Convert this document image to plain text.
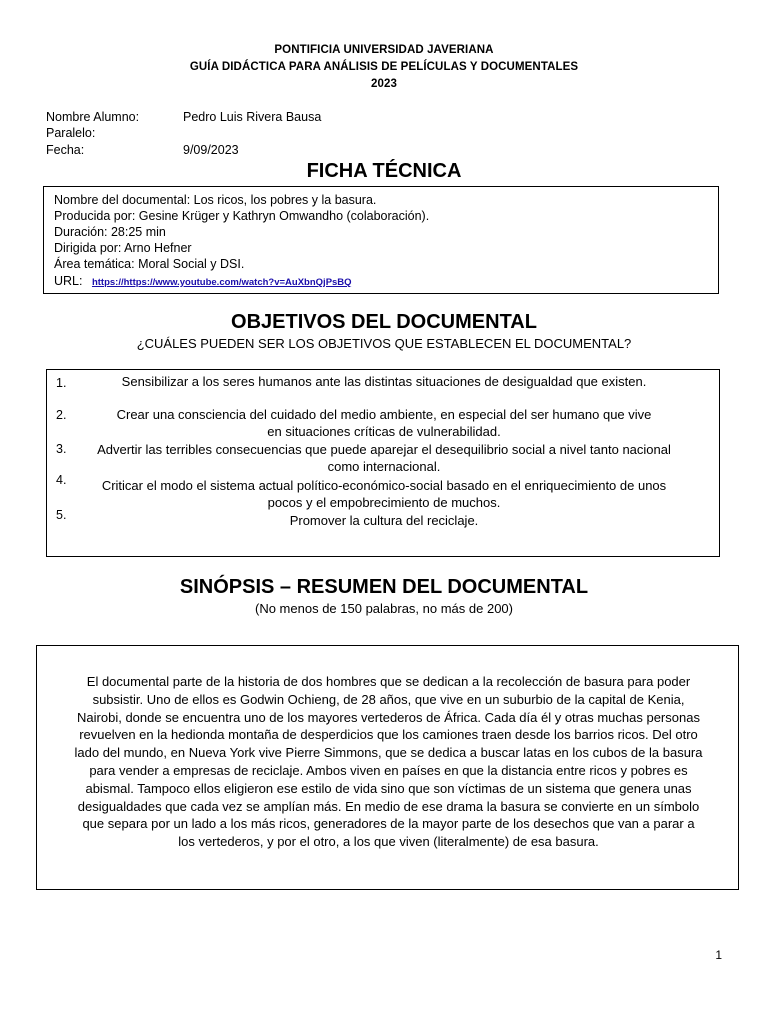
PONTIFICIA UNIVERSIDAD JAVERIANA
GUÍA DIDÁCTICA PARA ANÁLISIS DE PELÍCULAS Y DOCUMENTALES
2023
Nombre Alumno:	Pedro Luis Rivera Bausa
Paralelo:
Fecha:	9/09/2023
FICHA TÉCNICA
Nombre del documental: Los ricos, los pobres y la basura.
Producida por: Gesine Krüger y Kathryn Omwandho (colaboración).
Duración: 28:25 min
Dirigida por: Arno Hefner
Área temática: Moral Social y DSI.
URL: https://https://www.youtube.com/watch?v=AuXbnQjPsBQ
OBJETIVOS DEL DOCUMENTAL
¿CUÁLES PUEDEN SER LOS OBJETIVOS QUE ESTABLECEN EL DOCUMENTAL?
1.
2.
3.
4.
5.
Sensibilizar a los seres humanos ante las distintas situaciones de desigualdad que existen.
Crear una consciencia del cuidado del medio ambiente, en especial del ser humano que vive
en situaciones críticas de vulnerabilidad.
Advertir las terribles consecuencias que puede aparejar el desequilibrio social a nivel tanto nacional
como internacional.
Criticar el modo el sistema actual político-económico-social basado en el enriquecimiento de unos
pocos y el empobrecimiento de muchos.
Promover la cultura del reciclaje.
SINÓPSIS – RESUMEN DEL DOCUMENTAL
(No menos de 150 palabras, no más de 200)
El documental parte de la historia de dos hombres que se dedican a la recolección de basura para poder
subsistir. Uno de ellos es Godwin Ochieng, de 28 años, que vive en un suburbio de la capital de Kenia,
Nairobi, donde se encuentra uno de los mayores vertederos de África. Cada día él y otras muchas personas
revuelven en la hedionda montaña de desperdicios que los camiones traen desde los barrios ricos. Del otro
lado del mundo, en Nueva York vive Pierre Simmons, que se dedica a buscar latas en los cubos de la basura
para vender a empresas de reciclaje. Ambos viven en países en que la distancia entre ricos y pobres es
abismal. Tampoco ellos eligieron ese estilo de vida sino que son víctimas de un sistema que genera unas
desigualdades que cada vez se amplían más. En medio de ese drama la basura se convierte en un símbolo
que separa por un lado a los más ricos, generadores de la mayor parte de los desechos que van a parar a
los vertederos, y por el otro, a los que viven (literalmente) de esa basura.
1
